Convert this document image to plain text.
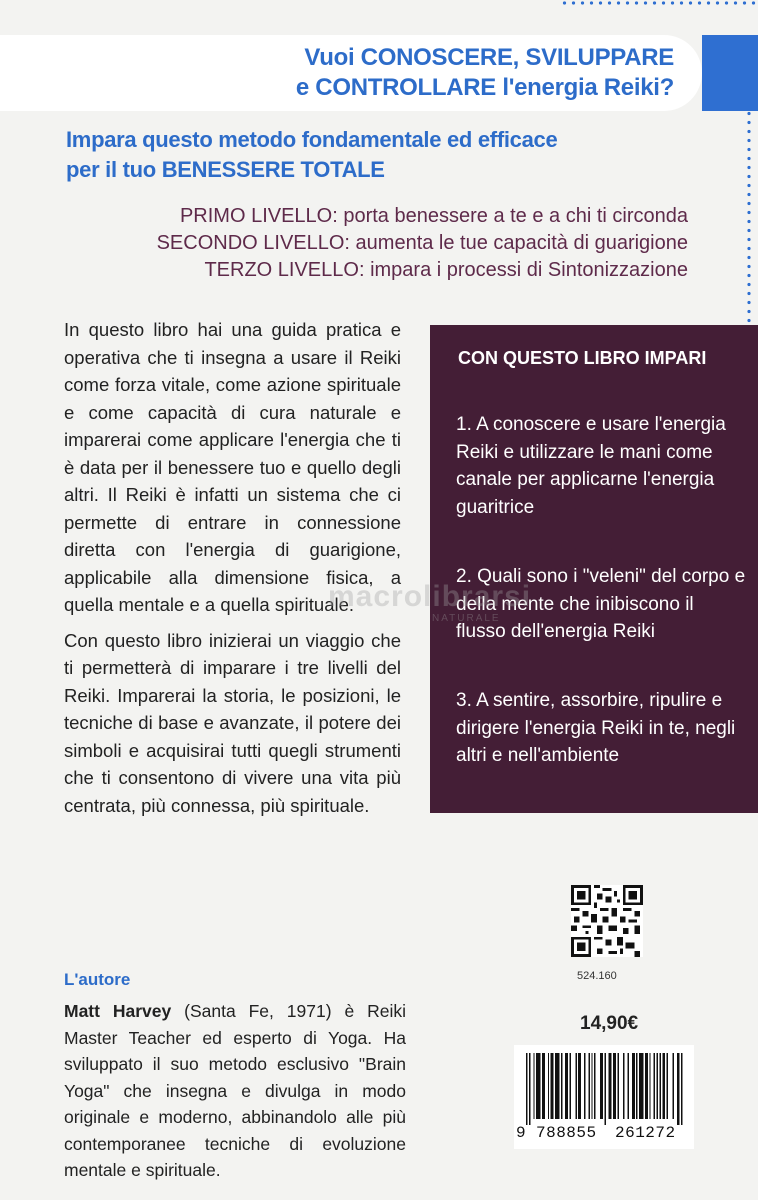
Vuoi CONOSCERE, SVILUPPARE
e CONTROLLARE l'energia Reiki?
Impara questo metodo fondamentale ed efficace
per il tuo BENESSERE TOTALE
PRIMO LIVELLO: porta benessere a te e a chi ti circonda
SECONDO LIVELLO: aumenta le tue capacità di guarigione
TERZO LIVELLO: impara i processi di Sintonizzazione

In questo libro hai una guida pratica e operativa che ti insegna a usare il Reiki come forza vitale, come azione spirituale e come capacità di cura naturale e imparerai come applicare l'energia che ti è data per il benessere tuo e quello degli altri. Il Reiki è infatti un sistema che ci permette di entrare in connessione diretta con l'energia di guarigione, applicabile alla dimensione fisica, a quella mentale e a quella spirituale.

Con questo libro inizierai un viaggio che ti permetterà di imparare i tre livelli del Reiki. Imparerai la storia, le posizioni, le tecniche di base e avanzate, il potere dei simboli e acquisirai tutti quegli strumenti che ti consentono di vivere una vita più centrata, più connessa, più spirituale.

L'autore
Matt Harvey (Santa Fe, 1971) è Reiki Master Teacher ed esperto di Yoga. Ha sviluppato il suo metodo esclusivo "Brain Yoga" che insegna e divulga in modo originale e moderno, abbinandolo alle più contemporanee tecniche di evoluzione mentale e spirituale.
CON QUESTO LIBRO IMPARI
1. A conoscere e usare l'energia Reiki e utilizzare le mani come canale per applicarne l'energia guaritrice
2. Quali sono i "veleni" del corpo e della mente che inibiscono il flusso dell'energia Reiki
3. A sentire, assorbire, ripulire e dirigere l'energia Reiki in te, negli altri e nell'ambiente
macrolibrarsi
NATURALE
524.160
14,90€
9 788855 261272
